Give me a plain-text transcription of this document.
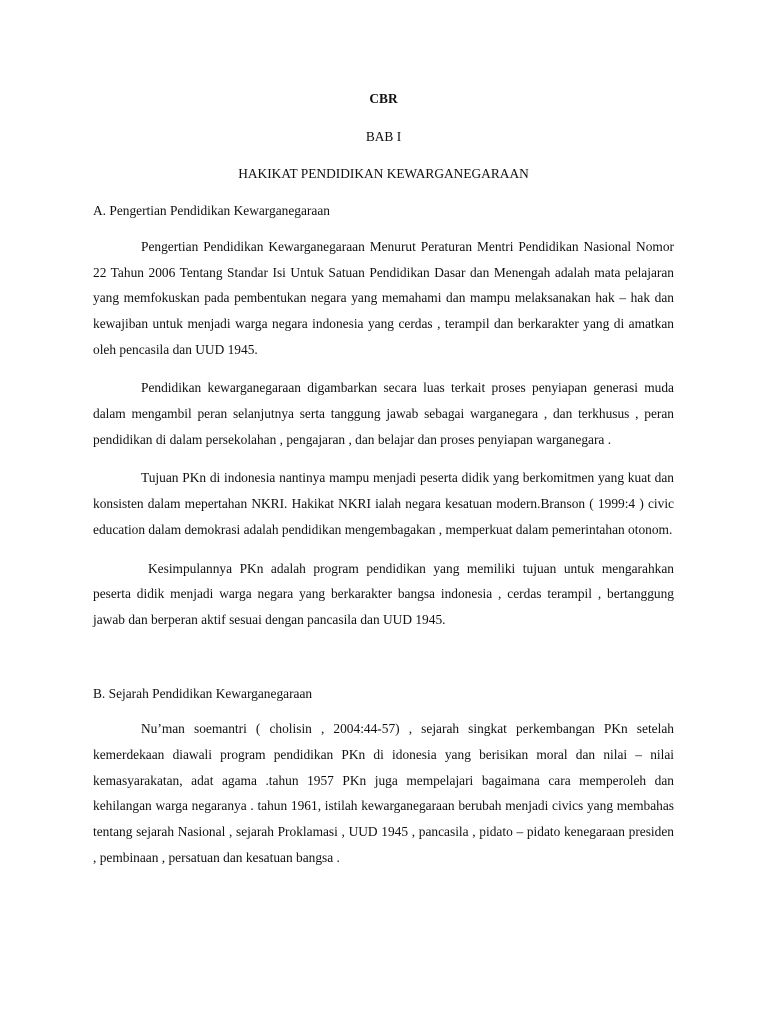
CBR

BAB I

HAKIKAT PENDIDIKAN KEWARGANEGARAAN

A. Pengertian Pendidikan Kewarganegaraan

Pengertian Pendidikan Kewarganegaraan Menurut Peraturan Mentri Pendidikan Nasional Nomor 22 Tahun 2006 Tentang Standar Isi Untuk Satuan Pendidikan Dasar dan Menengah adalah mata pelajaran yang memfokuskan pada pembentukan negara yang memahami dan mampu melaksanakan hak – hak dan kewajiban untuk menjadi warga negara indonesia yang cerdas , terampil dan berkarakter yang di amatkan oleh pencasila dan UUD 1945.

Pendidikan kewarganegaraan digambarkan secara luas terkait proses penyiapan generasi muda dalam mengambil peran selanjutnya serta tanggung jawab sebagai warganegara , dan terkhusus , peran pendidikan di dalam persekolahan , pengajaran , dan belajar dan proses penyiapan warganegara .

Tujuan PKn di indonesia nantinya mampu menjadi peserta didik yang berkomitmen yang kuat dan konsisten dalam mepertahan NKRI. Hakikat NKRI ialah negara kesatuan modern.Branson ( 1999:4 ) civic education dalam demokrasi adalah pendidikan mengembagakan , memperkuat dalam pemerintahan otonom.

Kesimpulannya PKn adalah program pendidikan yang memiliki tujuan untuk mengarahkan peserta didik menjadi warga negara yang berkarakter bangsa indonesia , cerdas terampil , bertanggung jawab dan berperan aktif sesuai dengan pancasila dan UUD 1945.

B. Sejarah Pendidikan Kewarganegaraan

Nu’man soemantri ( cholisin , 2004:44-57) , sejarah singkat perkembangan PKn setelah kemerdekaan diawali program pendidikan PKn di idonesia yang berisikan moral dan nilai – nilai kemasyarakatan, adat agama .tahun 1957 PKn juga mempelajari bagaimana cara memperoleh dan kehilangan warga negaranya . tahun 1961, istilah kewarganegaraan berubah menjadi civics yang membahas tentang sejarah Nasional , sejarah Proklamasi , UUD 1945 , pancasila , pidato – pidato kenegaraan presiden , pembinaan , persatuan dan kesatuan bangsa .
